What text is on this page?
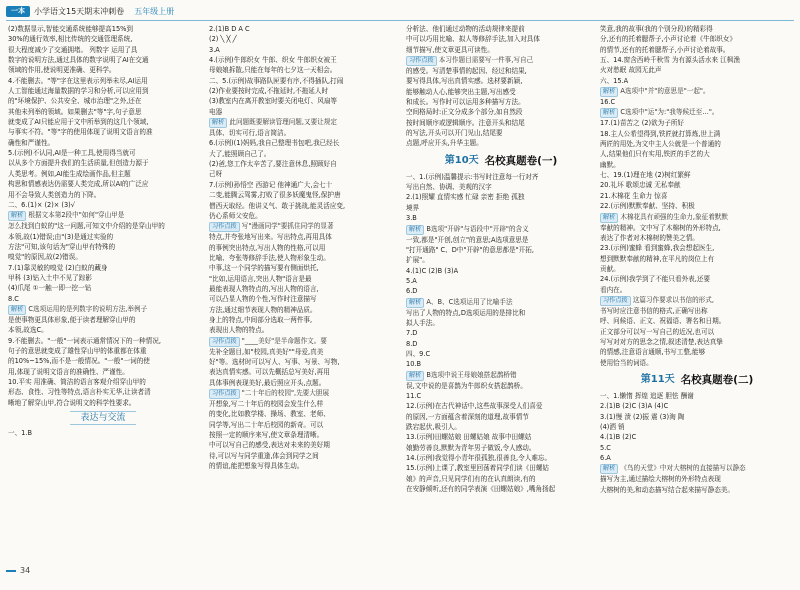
一本	小学语文15天期末冲刺卷 五年级上册
(2)数据显示,智能交通系统能够提高15%到
30%的通行效率,相比传统的交通管理系统,
很大程度减少了交通拥堵。 列数字 运用了具
数字的说明方法,通过具体的数字说明了AI在交通
领域的作用,使说明更准确、更科学。
4.不能删去。"等"字在这里表示列举未尽,AI运用
人工智能通过海量数据的学习和分析,可以应用到
的"环境保护、公共安全、城市治理"之外,还在
其他未列举的领域。如果删去"等"字,句子意思
就变成了AI只能应用于文中所举到的这几个领域,
与事实不符。"等"字的使用体现了说明文语言的准
确性和严谨性。
5.(示例)不认同,AI是一种工具,使用得当就可
以从多个方面提升我们的生活质量,但创造力源于
人类思考。例如,AI能生成绘画作品,但主题
构思和情感表达仍需要人类完成,所以AI的广泛应
用不会导致人类创造力的下降。
二、6.(1)× (2)× (3)√
解析 根据文本第2段中"如何"穿山甲是
怎么找到白蚁的"这一问题,可知文中介绍的是穿山甲的
本领,故(1)错误;由"(3)是通过实验的
方法"可知,该句话为"穿山甲有特殊的
嗅觉"的原因,故(2)错误。
7.(1)靠灵敏的嗅觉 (2)白蚁的藏身
甲科 (3)钻入土中不见了踪影
(4)爪尾 ①一触一即一挖一钻
8.C
解析 C选项运用的是列数字的说明方法,举例子
是使事物更具体形象,便于读者理解穿山甲的
本领,故选C。
9.不能删去。"一般"一词表示通常情况下的一种情况,
句子的意思就变成了雄性穿山甲的体重都在体重
的10%~15%,而不是一般情况。"一般"一词的使
用,体现了说明文语言的准确性、严谨性。
10.平实 用准确、简洁的语言客观介绍穿山甲的
形态、食性、习性等特点,语言朴实无华,让读者清
晰地了解穿山甲,符合说明文的科学性要求。
表达与交流
一、1.B
2.(1)B D A C
(2) ╲ ╳ ╱
3.A
4.(示例)牛郎织女 牛郎、织女 牛郎织女被王
母娘娘拆散,只能在每年的七夕这一天相会。
二、5.(示例)故事路队匣要有序,不得插队,打闹
(2)作业要按时完成,不拖延时,不拖延人时
(3)教室内在离开教室时要关闭电灯、风扇等
电器
解析 此问题既要解读管理问题,又要让规定
具体、切实可行,语言简洁。
6.(示例)(1)妈妈,我自己整理书包吧,我已经长
大了,能照顾自己了。
(2)爸,您工作太辛苦了,要注意休息,照顾好自
己呀
7.(示例)孙悟空 西游记 他神通广大,会七十
二变,能腾云驾雾,打败了很多妖魔鬼怪,保护唐
僧西天取经。他讲义气、敢于挑战,能灵活应变,
仍心系师父安危。
习作点拨 写"漫画同学"要抓住同学的显著
特点,并夸张地写出来。写出特点,再用具体
的事例突出特点,写出人物的性格,可以用
比喻、夸张等修辞手法,使人物形象生动。
中事,这一个同学的描写要有侧面烘托,
"比如,运用语言,突出人物"语言是最
最能表现人物特点的,写出人物的语言,
可以凸显人物的个性,写作时注意描写
方法,通过细节表现人物的精神品质。
身上的特点,中间部分选取一两件事,
表现出人物的特点。
习作点拨 "____美好"是半命题作文。要
先补全题目,如"校园,真美好""母爱,真美
好"等。选材时可以写人、写事、写景、写物,
表达真情实感。可以先概括总写美好,再用
具体事例表现美好,最后照应开头,点题。
习作点拨 "二十年后的校园",先要大胆展
开想象,写二十年后的校园会发生什么样
的变化,比如教学楼、操场、教室、老师、
同学等,写出二十年后校园的新奇。可以
按照一定的顺序来写,使文章条理清晰。
中可以写自己的感受,表达对未来的美好期
待,可以写与同学重逢,体会到同学之间
的情谊,能把想象写得具体生动。
分析法、他们通过动物的活动规律来提前
中可以巧用比喻、拟人等修辞手法,加入对具体
细节描写,使文章更具可读性。
习作点拨 本习作题目需要写一件事,写自己
的感受。写清楚事情的起因、经过和结果,
要写得具体,写出真情实感。选材要新颖,
能够触动人心,能够突出主题,写出感受
和成长。写作时可以运用多种描写方法。
空间格局时:正文分成多个部分,如自然段
按时间顺序或逻辑顺序。注意开头和结尾
的写法,开头可以开门见山,结尾要
点题,呼应开头,升华主题。
第10天 名校真题卷(一)
一、1.(示例)温馨提示:书写时注意每一行对齐
写出自然、协调、美观的汉字
2.(1)照耀 直情实感 忙碌 亲密 拒绝 孤独
境界
3.B
解析 B选项"开辟"与语段中"开辟"的含义
一致,都是"开创,创立"的意思;A选项意思是
"打开通路" C、D中"开辟"的意思都是"开拓,
扩展"。
4.(1)C (2)B (3)A
5.A
6.D
解析 A、B、C选项运用了比喻手法
写出了人物的特点,D选项运用的是排比和
拟人手法。
7.D
8.D
四、9.C
10.B
解析 B选项中说王母娘娘搭起鹊桥错
误,文中说的是喜鹊为牛郎织女搭起鹊桥。
11.C
12.(示例)在古代神话中,这些故事深受人们喜爱
的原因,一方面蕴含着深刻的道理,故事情节
跌宕起伏,吸引人。
13.(示例)田螺姑娘 田螺姑娘 故事中田螺姑
娘勤劳善良,默默为青年男子做饭,令人感动。
14.(示例)我觉得小青年很孤独,很善良,令人难忘。
15.(示例)上课了,教室里回荡着同学们读《田螺姑
娘》的声音,只见同学们有的在认真朗读,有的
在安静倾听,还有的同学表演《田螺姑娘》,嘴角扬起
笑意,我的故事(我的个别分段)的精彩得
分,还有的托着腮帮子,小声讨论着《牛郎织女》
的情节,还有的托着腮帮子,小声讨论着故事。
五、14.窗含西岭千秋雪 为有源头活水来 江枫渔
火对愁眠 故园无此声
六、15.A
解析 A选项中"并"的意思是"一起"。
16.C
解析 C选项中"运"为:"我等候迁至…"。
17.(1)苗苦之 (2)欲为子所好
18.主人公希望得到,铁匠就打算炼,世上满
两匠的用处,为文中主人公就是一个普通的
人,结果他们只有实用,铁匠的手艺的大
幽默。
七、19.(1)理在地 (2)树红繁鲜
20.礼坏 歌颂忠诚 无私奉献
21.木棉花 生命力 惊喜
22.(示例)默默奉献、坚持、积极
解析 木棉花具有顽强的生命力,象征着默默
奉献的精神。文中写了木棉树的外形特点,
表达了作者对木棉树的赞美之情。
23.(示例)蜜蜂 看到蜜蜂,我会想起医生,
想到默默奉献的精神,在平凡的岗位上有
贡献。
24.(示例)我学到了不能只看外表,还要
看内在。
习作点拨 这篇习作要求以书信的形式,
书写时应注意书信的格式,正确写出称
呼、问候语、正文、祝福语、署名和日期。
正文部分可以写一写自己的近况,也可以
写写对对方的思念之情,叙述清楚,表达真挚
的情感,注意语言通顺,书写工整,能够
使用恰当的词语。
第11天 名校真题卷(二)
一、1.懒惰 挥煌 追逐 胆怯 酬谢
2.(1)B (2)C (3)A (4)C
3.(1)慢 溃 (2)振 震 (3)淘 陶
(4)洒 销
4.(1)B (2)C
5.C
6.A
解析 《鸟的天堂》中对大榕树的直接描写以静态
描写为主,通过描绘大榕树的外形特点表现
大榕树的美,和动态描写结合起来描写静态美。
34
